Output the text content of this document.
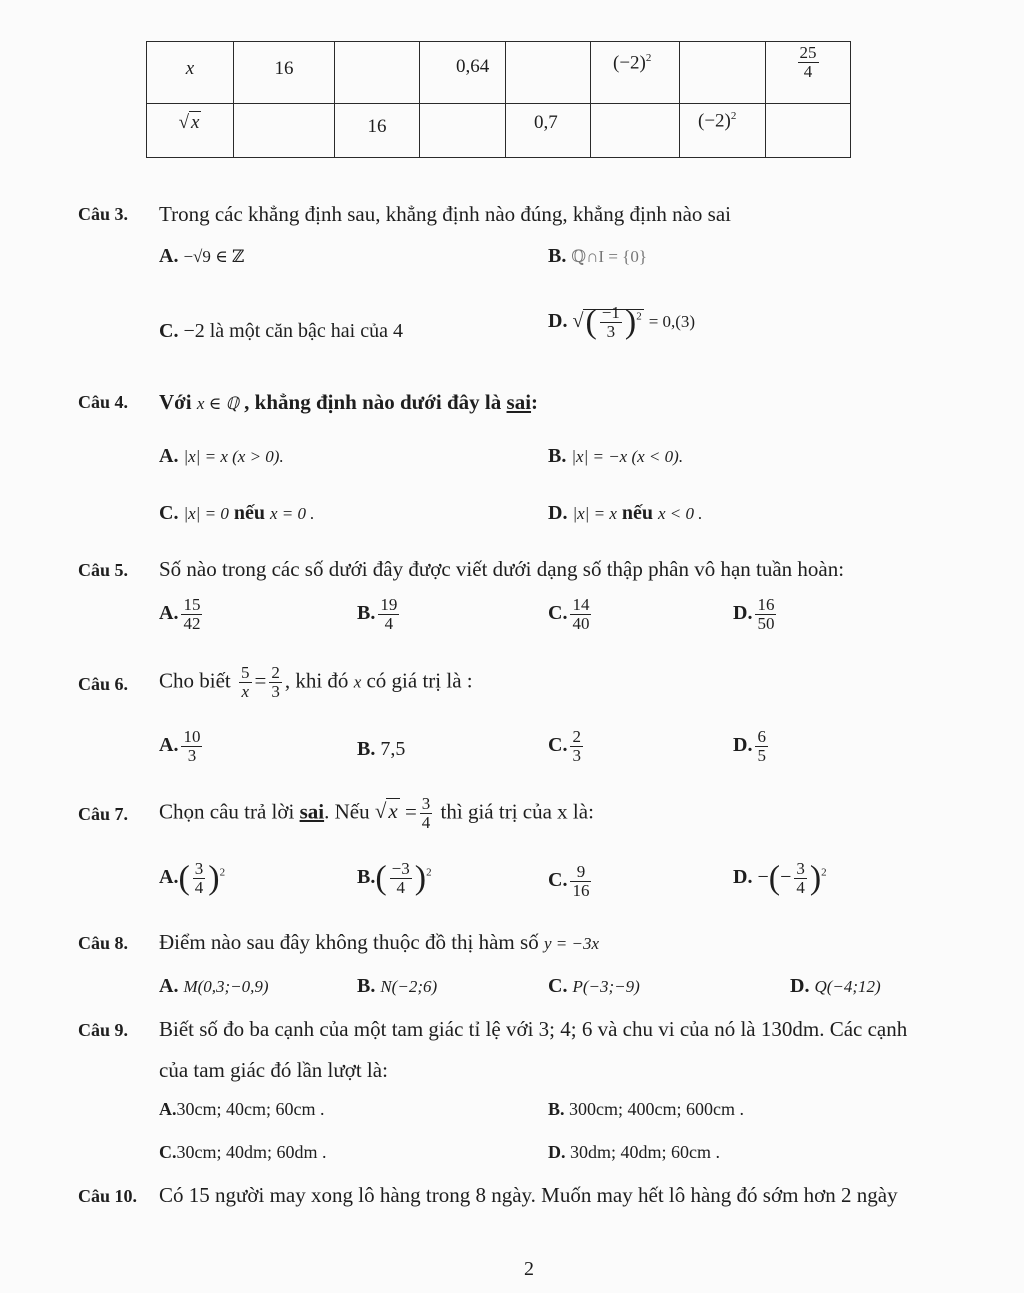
x	16		0,64		$(-2)^2$		$\frac{25}{4}$

√ x		16		0,7		$(-2)^2$	
Câu 3. Trong các khẳng định sau, khẳng định nào đúng, khẳng định nào sai
A. −√9 ∈ ℤ	B. ℚ∩I = {0}
C. −2 là một căn bậc hai của 4	D. √( $\frac{-1}{3} )^2 = 0,(3)$
Câu 4. Với x ∈ ℚ , khẳng định nào dưới đây là sai:
A. |x| = x (x > 0).	B. |x| = −x (x < 0).
C. |x| = 0 nếu x = 0 .	D. |x| = x nếu x < 0 .
Câu 5. Số nào trong các số dưới đây được viết dưới dạng số thập phân vô hạn tuần hoàn:
A. $\frac{15}{42}$	B. $\frac{19}{4}$	C. $\frac{14}{40}$	D. $\frac{16}{50}$
Câu 6. Cho biết $\frac{5}{x} = \frac{2}{3}$ , khi đó x có giá trị là :
A. $\frac{10}{3}$	B. 7,5	C. $\frac{2}{3}$	D. $\frac{6}{5}$
Câu 7. Chọn câu trả lời sai. Nếu $√x = \frac{3}{4}$ thì giá trị của x là:
$A.( \frac{3}{4} )^2$	$B.( \frac{-3}{4} )^2$	C. $\frac{9}{16}$	D. −(− $\frac{3}{4} )^2$
Câu 8. Điểm nào sau đây không thuộc đồ thị hàm số y = −3x
A. M(0,3;−0,9)	B. N(−2;6)	C. P(−3;−9)	D. Q(−4;12)
Câu 9. Biết số đo ba cạnh của một tam giác tỉ lệ với 3; 4; 6 và chu vi của nó là 130dm. Các cạnh
của tam giác đó lần lượt là:
A.30cm; 40cm; 60cm .	B. 300cm; 400cm; 600cm .
C.30cm; 40dm; 60dm .	D. 30dm; 40dm; 60cm .
Câu 10. Có 15 người may xong lô hàng trong 8 ngày. Muốn may hết lô hàng đó sớm hơn 2 ngày
2
